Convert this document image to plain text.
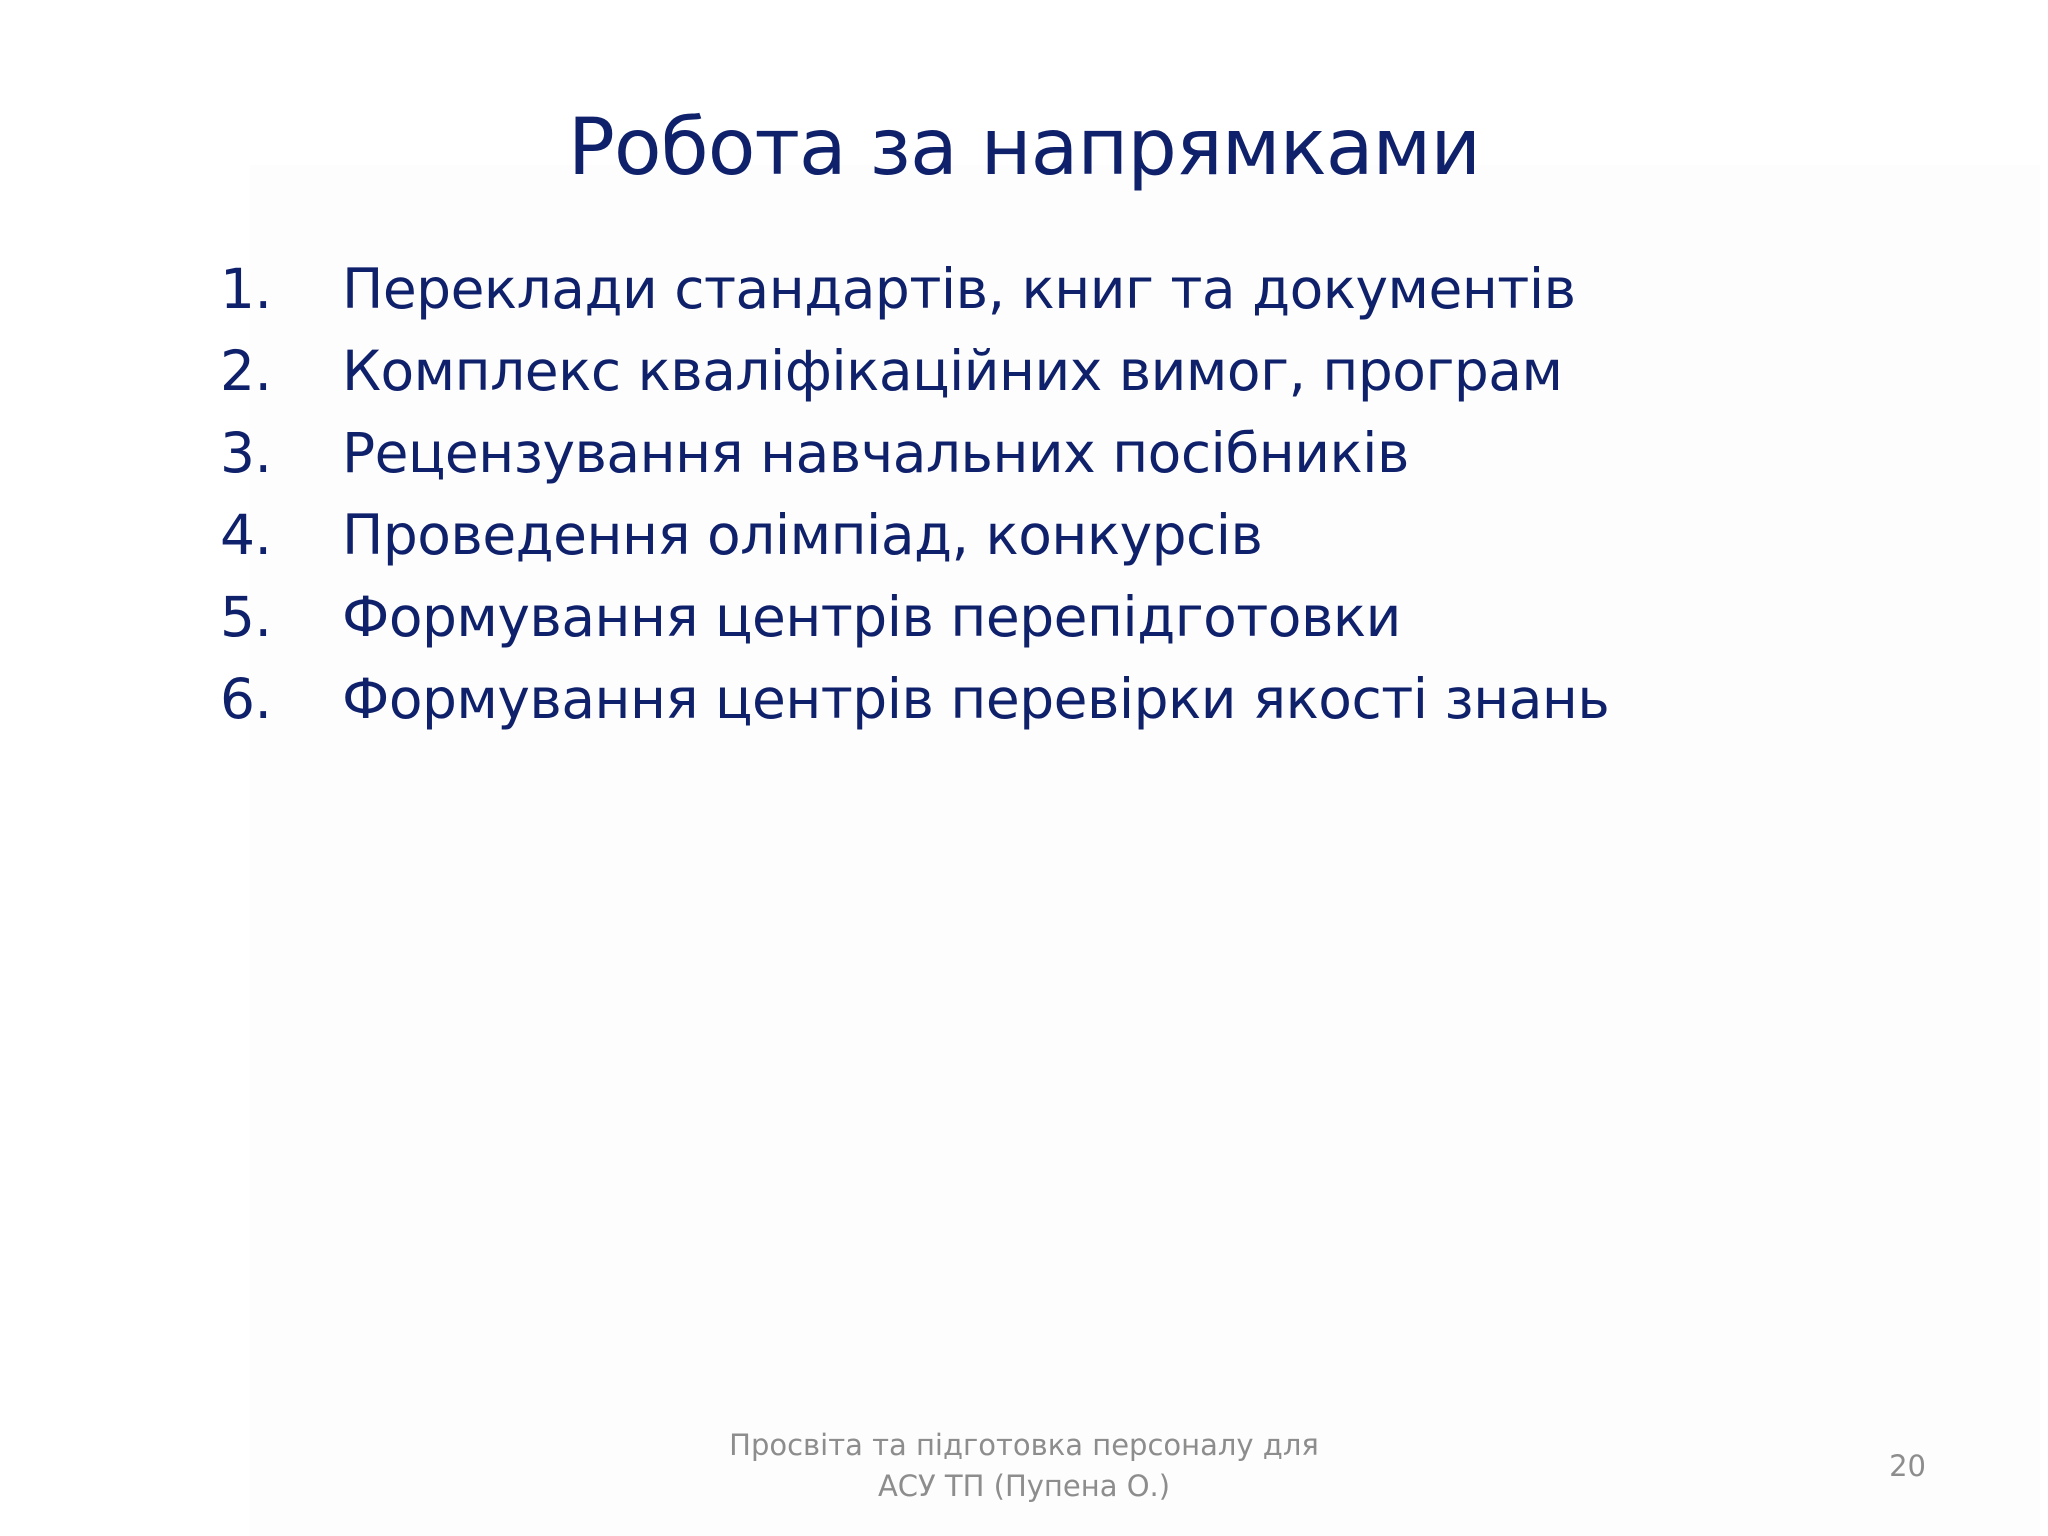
Робота за напрямками
1. Переклади стандартів, книг та документів
2. Комплекс кваліфікаційних вимог, програм
3. Рецензування навчальних посібників
4. Проведення олімпіад, конкурсів
5. Формування центрів перепідготовки
6. Формування центрів перевірки якості знань
Просвіта та підготовка персоналу для
АСУ ТП (Пупена О.)
20
